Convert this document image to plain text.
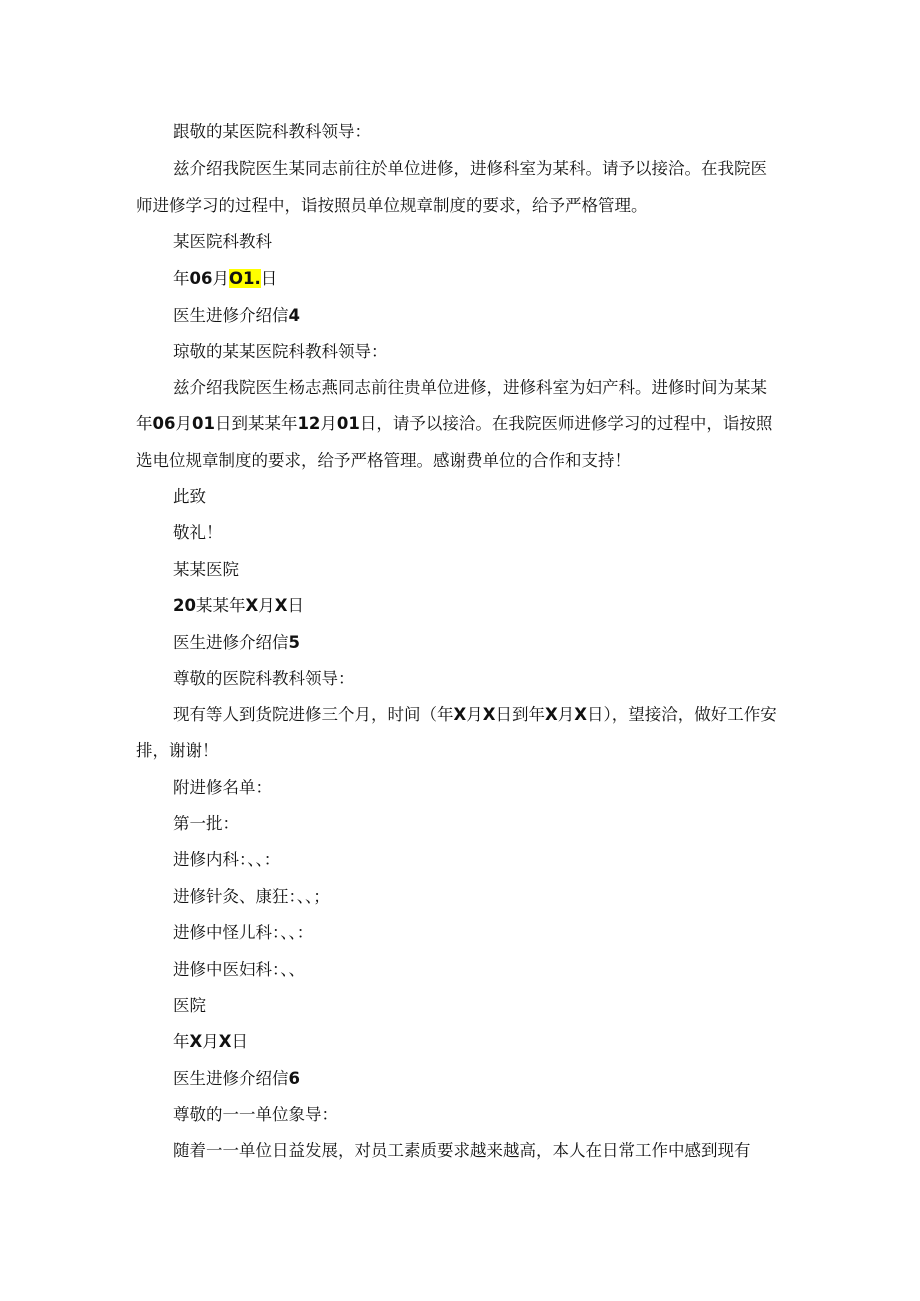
跟敬的某医院科教科领导：
兹介绍我院医生某同志前往於单位进修，进修科室为某科。请予以接洽。在我院医
师进修学习的过程中，诣按照员单位规章制度的要求，给予严格管理。
某医院科教科
年06月O1.日
医生进修介绍信4
琼敬的某某医院科教科领导：
兹介绍我院医生杨志燕同志前往贵单位进修，进修科室为妇产科。进修时间为某某
年06月01日到某某年12月01日，请予以接洽。在我院医师进修学习的过程中，诣按照
选电位规章制度的要求，给予严格管理。感谢费单位的合作和支持！
此致
敬礼！
某某医院
20某某年X月X日
医生进修介绍信5
尊敬的医院科教科领导：
现有等人到货院进修三个月，时间（年X月X日到年X月X日），望接洽，做好工作安
排，谢谢！
附进修名单：
第一批：
进修内科：、、：
进修针灸、康狂：、、；
进修中怪儿科：、、：
进修中医妇科：、、
医院
年X月X日
医生进修介绍信6
尊敬的一一单位象导：
随着一一单位日益发展，对员工素质要求越来越高，本人在日常工作中感到现有
